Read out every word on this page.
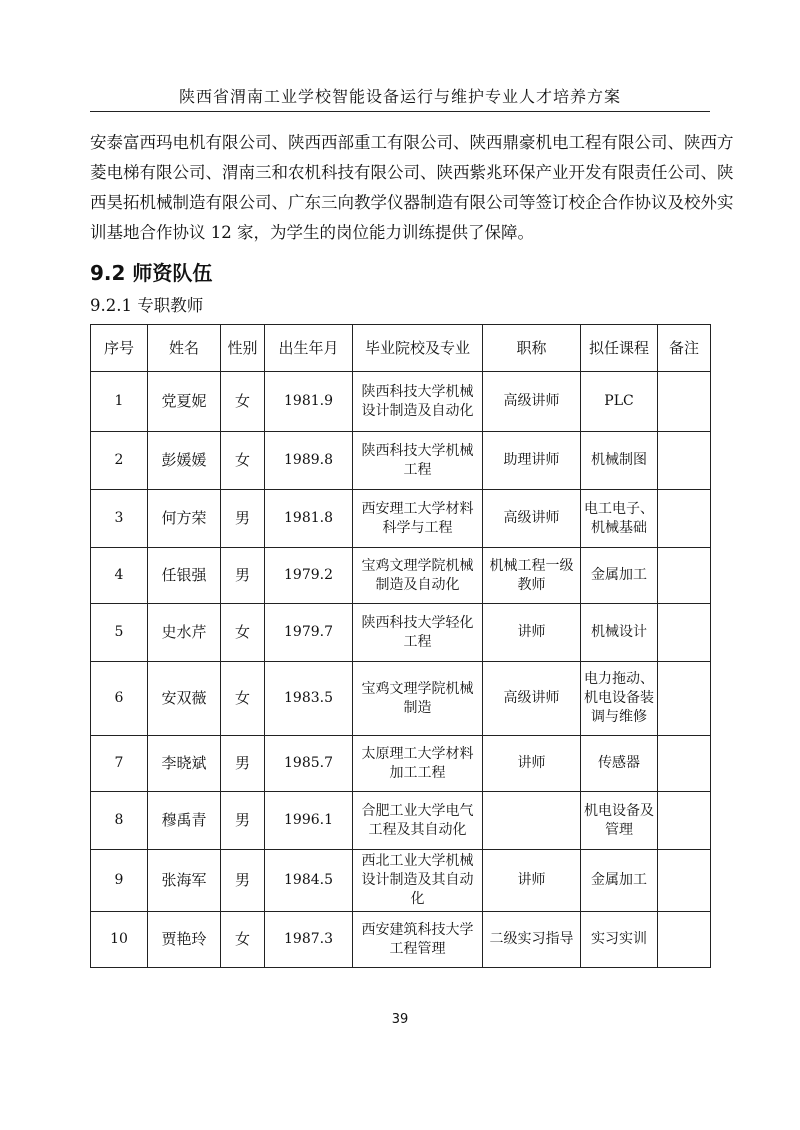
陕西省渭南工业学校智能设备运行与维护专业人才培养方案
安泰富西玛电机有限公司、陕西西部重工有限公司、陕西鼎豪机电工程有限公司、陕西方
菱电梯有限公司、渭南三和农机科技有限公司、陕西紫兆环保产业开发有限责任公司、陕
西昊拓机械制造有限公司、广东三向教学仪器制造有限公司等签订校企合作协议及校外实
训基地合作协议 12 家，为学生的岗位能力训练提供了保障。
9.2 师资队伍
9.2.1 专职教师
序号	姓名	性别	出生年月	毕业院校及专业	职称	拟任课程	备注
1	党夏妮	女	1981.9	陕西科技大学机械设计制造及自动化	高级讲师	PLC	
2	彭媛媛	女	1989.8	陕西科技大学机械工程	助理讲师	机械制图	
3	何方荣	男	1981.8	西安理工大学材料科学与工程	高级讲师	电工电子、机械基础	
4	任银强	男	1979.2	宝鸡文理学院机械制造及自动化	机械工程一级教师	金属加工	
5	史水芹	女	1979.7	陕西科技大学轻化工程	讲师	机械设计	
6	安双薇	女	1983.5	宝鸡文理学院机械制造	高级讲师	电力拖动、机电设备装调与维修	
7	李晓斌	男	1985.7	太原理工大学材料加工工程	讲师	传感器	
8	穆禹青	男	1996.1	合肥工业大学电气工程及其自动化		机电设备及管理	
9	张海军	男	1984.5	西北工业大学机械设计制造及其自动化	讲师	金属加工	
10	贾艳玲	女	1987.3	西安建筑科技大学工程管理	二级实习指导	实习实训	
39
